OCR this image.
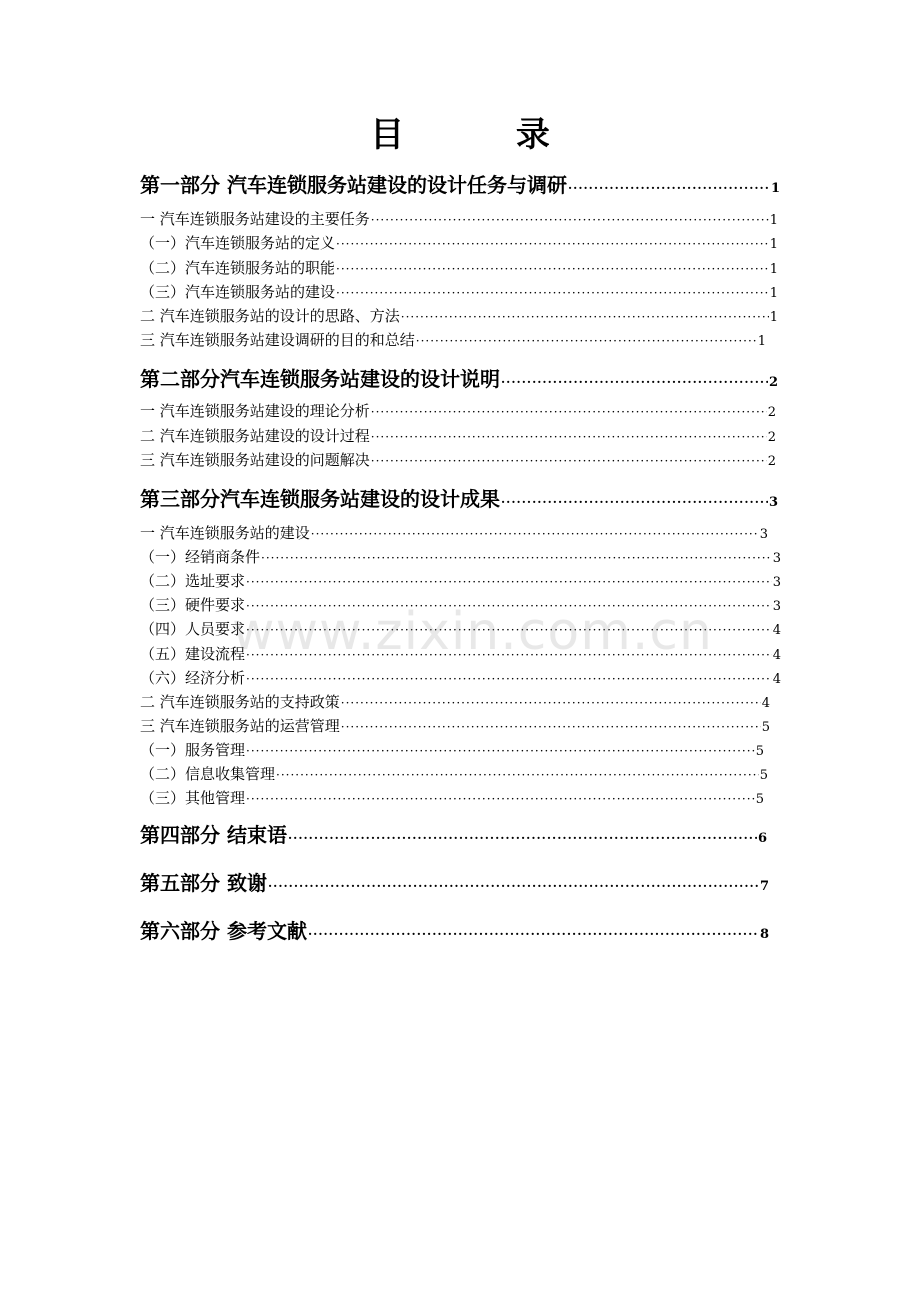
目 录
第一部分 汽车连锁服务站建设的设计任务与调研 ·····	1
一 汽车连锁服务站建设的主要任务 ·····	1
（一）汽车连锁服务站的定义 ·····	1
（二）汽车连锁服务站的职能 ·····	1
（三）汽车连锁服务站的建设 ·····	1
二 汽车连锁服务站的设计的思路、方法 ·····	1
三 汽车连锁服务站建设调研的目的和总结 ·····	1
第二部分汽车连锁服务站建设的设计说明 ·····	2
一 汽车连锁服务站建设的理论分析 ·····	2
二 汽车连锁服务站建设的设计过程 ·····	2
三 汽车连锁服务站建设的问题解决 ·····	2
第三部分汽车连锁服务站建设的设计成果 ·····	3
一 汽车连锁服务站的建设 ·····	3
（一）经销商条件 ·····	3
（二）选址要求 ·····	3
（三）硬件要求 ·····	3
（四）人员要求 ·····	4
（五）建设流程 ·····	4
（六）经济分析 ·····	4
二 汽车连锁服务站的支持政策 ·····	4
三 汽车连锁服务站的运营管理 ·····	5
（一）服务管理 ·····	5
（二）信息收集管理 ·····	5
（三）其他管理 ·····	5
第四部分 结束语 ·····	6
第五部分 致谢 ·····	7
第六部分 参考文献 ·····	8
www.zixin.com.cn
